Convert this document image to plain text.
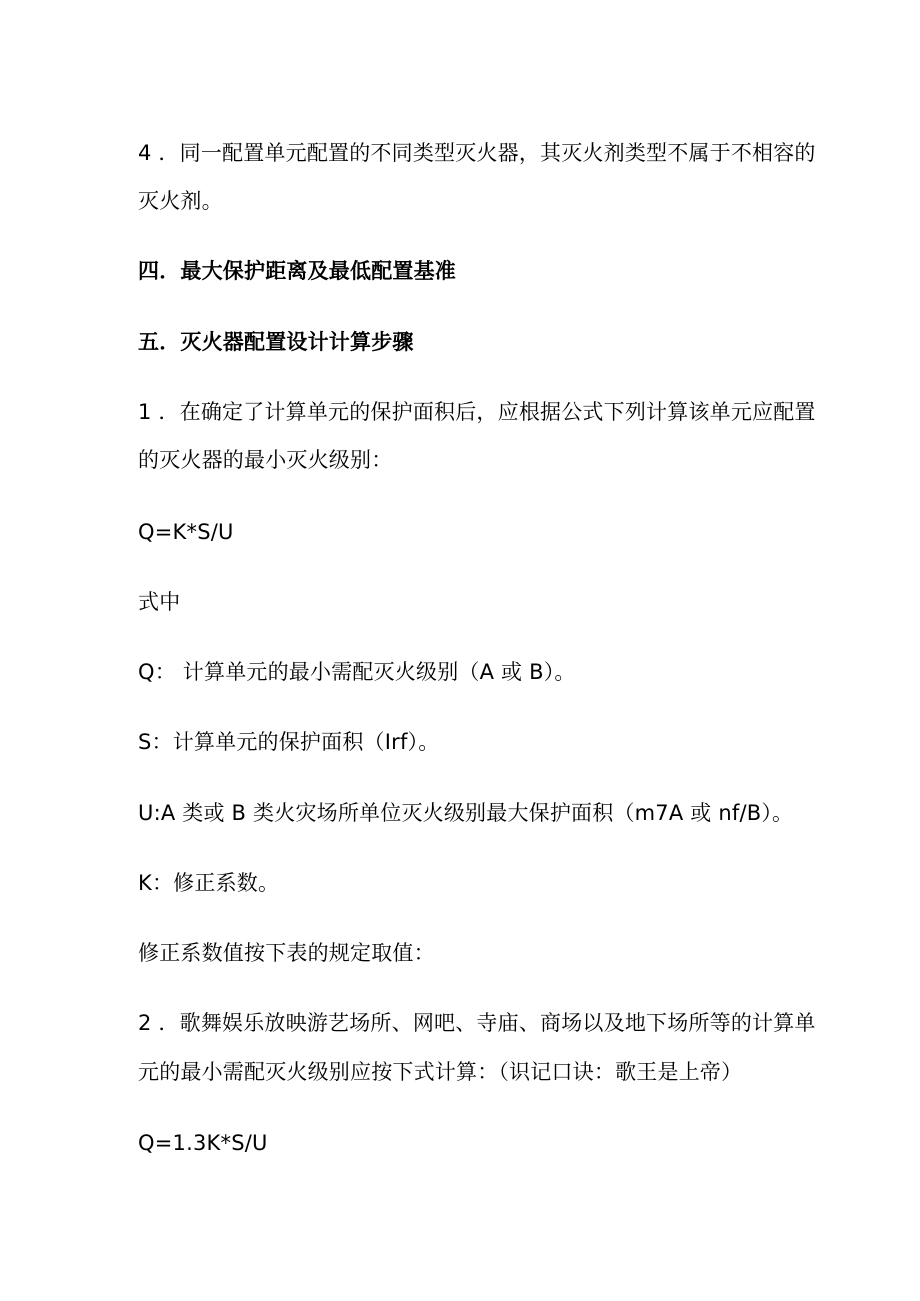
4 ．同一配置单元配置的不同类型灭火器，其灭火剂类型不属于不相容的
灭火剂。
四．最大保护距离及最低配置基准
五．灭火器配置设计计算步骤
1 ．在确定了计算单元的保护面积后，应根据公式下列计算该单元应配置
的灭火器的最小灭火级别：
Q=K*S/U
式中
Q： 计算单元的最小需配灭火级别（A 或 B）。
S：计算单元的保护面积（Irf）。
U:A 类或 B 类火灾场所单位灭火级别最大保护面积（m7A 或 nf/B）。
K：修正系数。
修正系数值按下表的规定取值：
2 ．歌舞娱乐放映游艺场所、网吧、寺庙、商场以及地下场所等的计算单
元的最小需配灭火级别应按下式计算：（识记口诀：歌王是上帝）
Q=1.3K*S/U
